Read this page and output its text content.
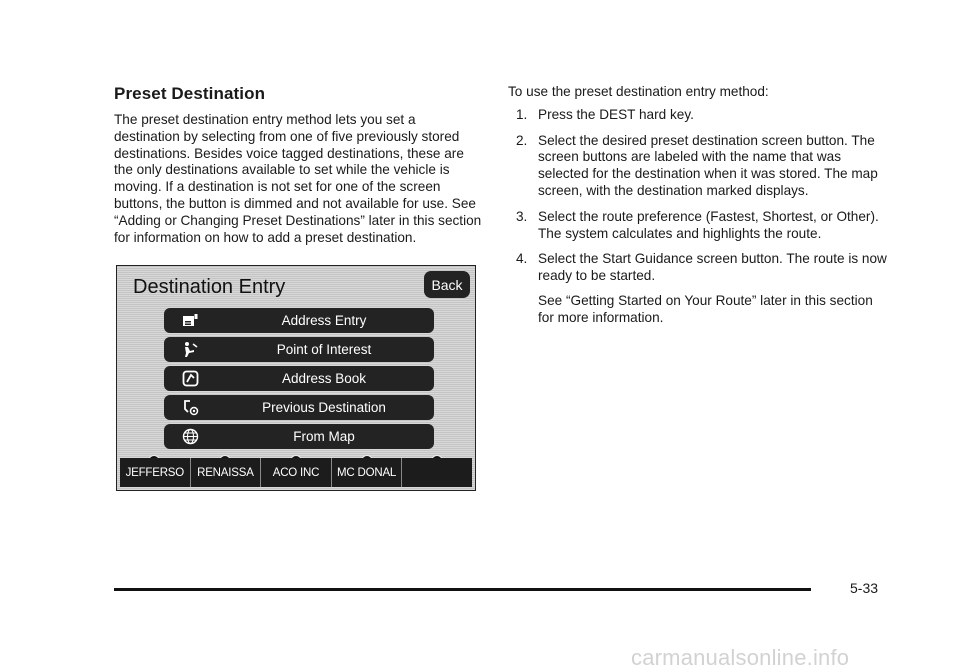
Preset Destination

The preset destination entry method lets you set a destination by selecting from one of five previously stored destinations. Besides voice tagged destinations, these are the only destinations available to set while the vehicle is moving. If a destination is not set for one of the screen buttons, the button is dimmed and not available for use. See “Adding or Changing Preset Destinations” later in this section for information on how to add a preset destination.

Destination Entry	Back
Address Entry
Point of Interest
Address Book
Previous Destination
From Map
JEFFERSO	RENAISSA	ACO INC	MC DONAL

To use the preset destination entry method:

1. Press the DEST hard key.
2. Select the desired preset destination screen button. The screen buttons are labeled with the name that was selected for the destination when it was stored. The map screen, with the destination marked displays.
3. Select the route preference (Fastest, Shortest, or Other). The system calculates and highlights the route.
4. Select the Start Guidance screen button. The route is now ready to be started.
See “Getting Started on Your Route” later in this section for more information.
5-33
carmanualsonline.info
